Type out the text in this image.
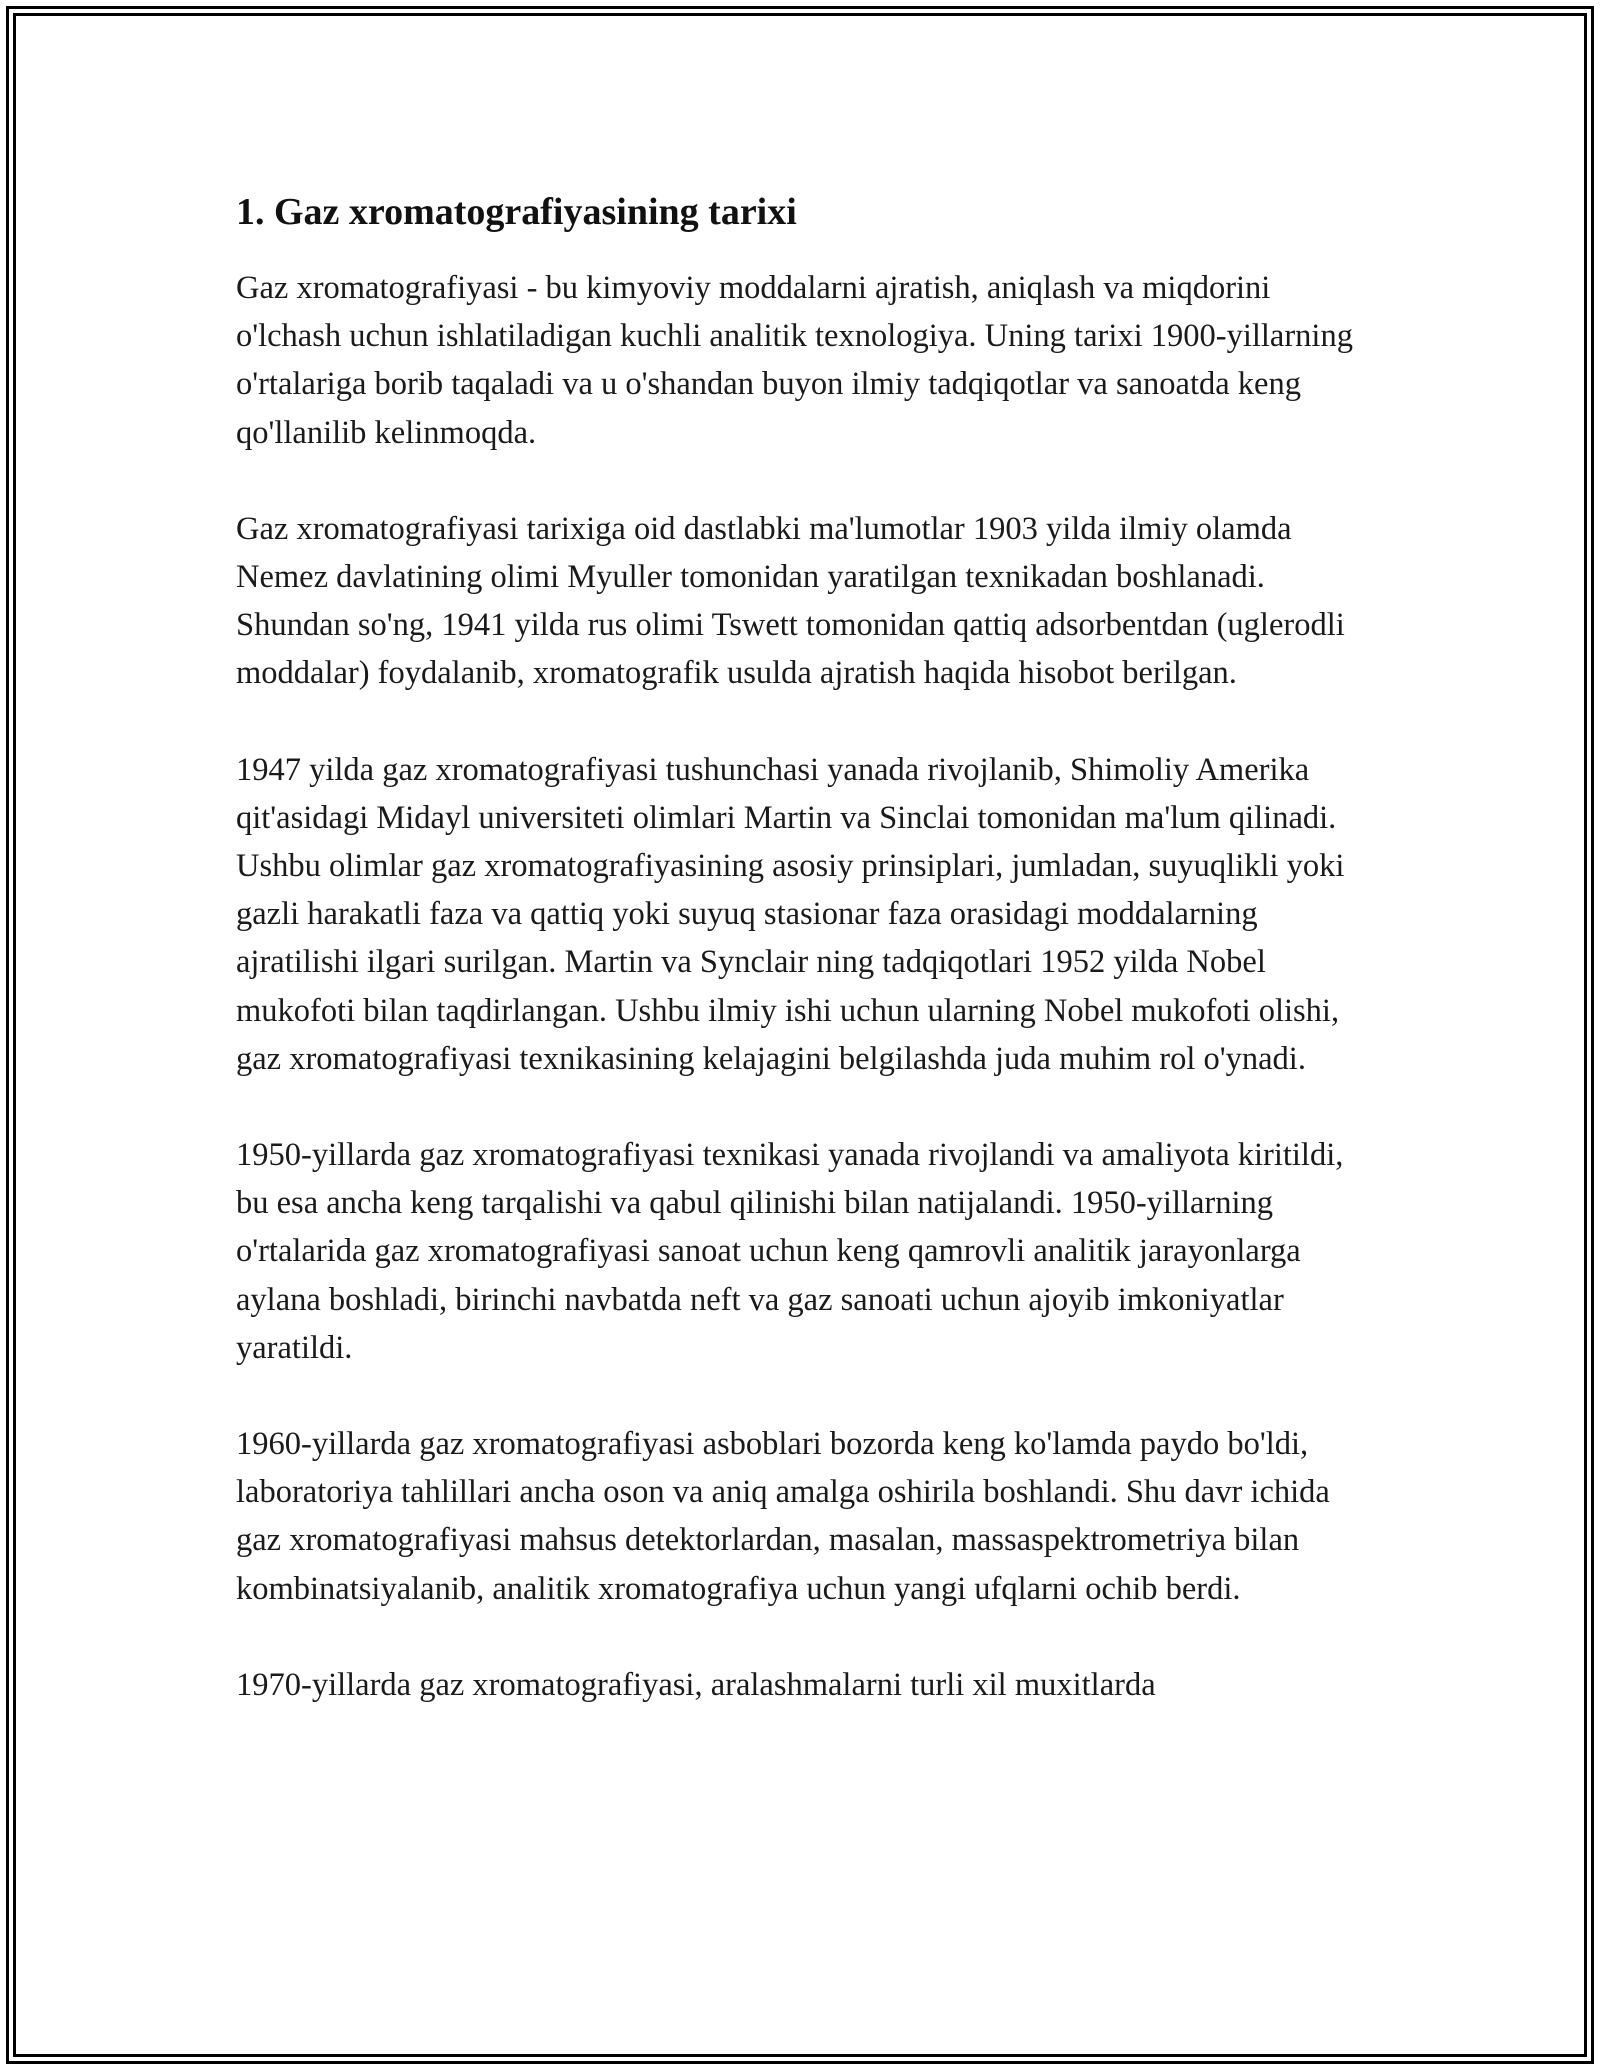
1. Gaz xromatografiyasining tarixi

Gaz xromatografiyasi - bu kimyoviy moddalarni ajratish, aniqlash va miqdorini o'lchash uchun ishlatiladigan kuchli analitik texnologiya. Uning tarixi 1900-yillarning o'rtalariga borib taqaladi va u o'shandan buyon ilmiy tadqiqotlar va sanoatda keng qo'llanilib kelinmoqda.

Gaz xromatografiyasi tarixiga oid dastlabki ma'lumotlar 1903 yilda ilmiy olamda Nemez davlatining olimi Myuller tomonidan yaratilgan texnikadan boshlanadi. Shundan so'ng, 1941 yilda rus olimi Tswett tomonidan qattiq adsorbentdan (uglerodli moddalar) foydalanib, xromatografik usulda ajratish haqida hisobot berilgan.

1947 yilda gaz xromatografiyasi tushunchasi yanada rivojlanib, Shimoliy Amerika qit'asidagi Midayl universiteti olimlari Martin va Sinclai tomonidan ma'lum qilinadi. Ushbu olimlar gaz xromatografiyasining asosiy prinsiplari, jumladan, suyuqlikli yoki gazli harakatli faza va qattiq yoki suyuq stasionar faza orasidagi moddalarning ajratilishi ilgari surilgan. Martin va Synclair ning tadqiqotlari 1952 yilda Nobel mukofoti bilan taqdirlangan. Ushbu ilmiy ishi uchun ularning Nobel mukofoti olishi, gaz xromatografiyasi texnikasining kelajagini belgilashda juda muhim rol o'ynadi.

1950-yillarda gaz xromatografiyasi texnikasi yanada rivojlandi va amaliyota kiritildi, bu esa ancha keng tarqalishi va qabul qilinishi bilan natijalandi. 1950-yillarning o'rtalarida gaz xromatografiyasi sanoat uchun keng qamrovli analitik jarayonlarga aylana boshladi, birinchi navbatda neft va gaz sanoati uchun ajoyib imkoniyatlar yaratildi.

1960-yillarda gaz xromatografiyasi asboblari bozorda keng ko'lamda paydo bo'ldi, laboratoriya tahlillari ancha oson va aniq amalga oshirila boshlandi. Shu davr ichida gaz xromatografiyasi mahsus detektorlardan, masalan, massaspektrometriya bilan kombinatsiyalanib, analitik xromatografiya uchun yangi ufqlarni ochib berdi.

1970-yillarda gaz xromatografiyasi, aralashmalarni turli xil muxitlarda
